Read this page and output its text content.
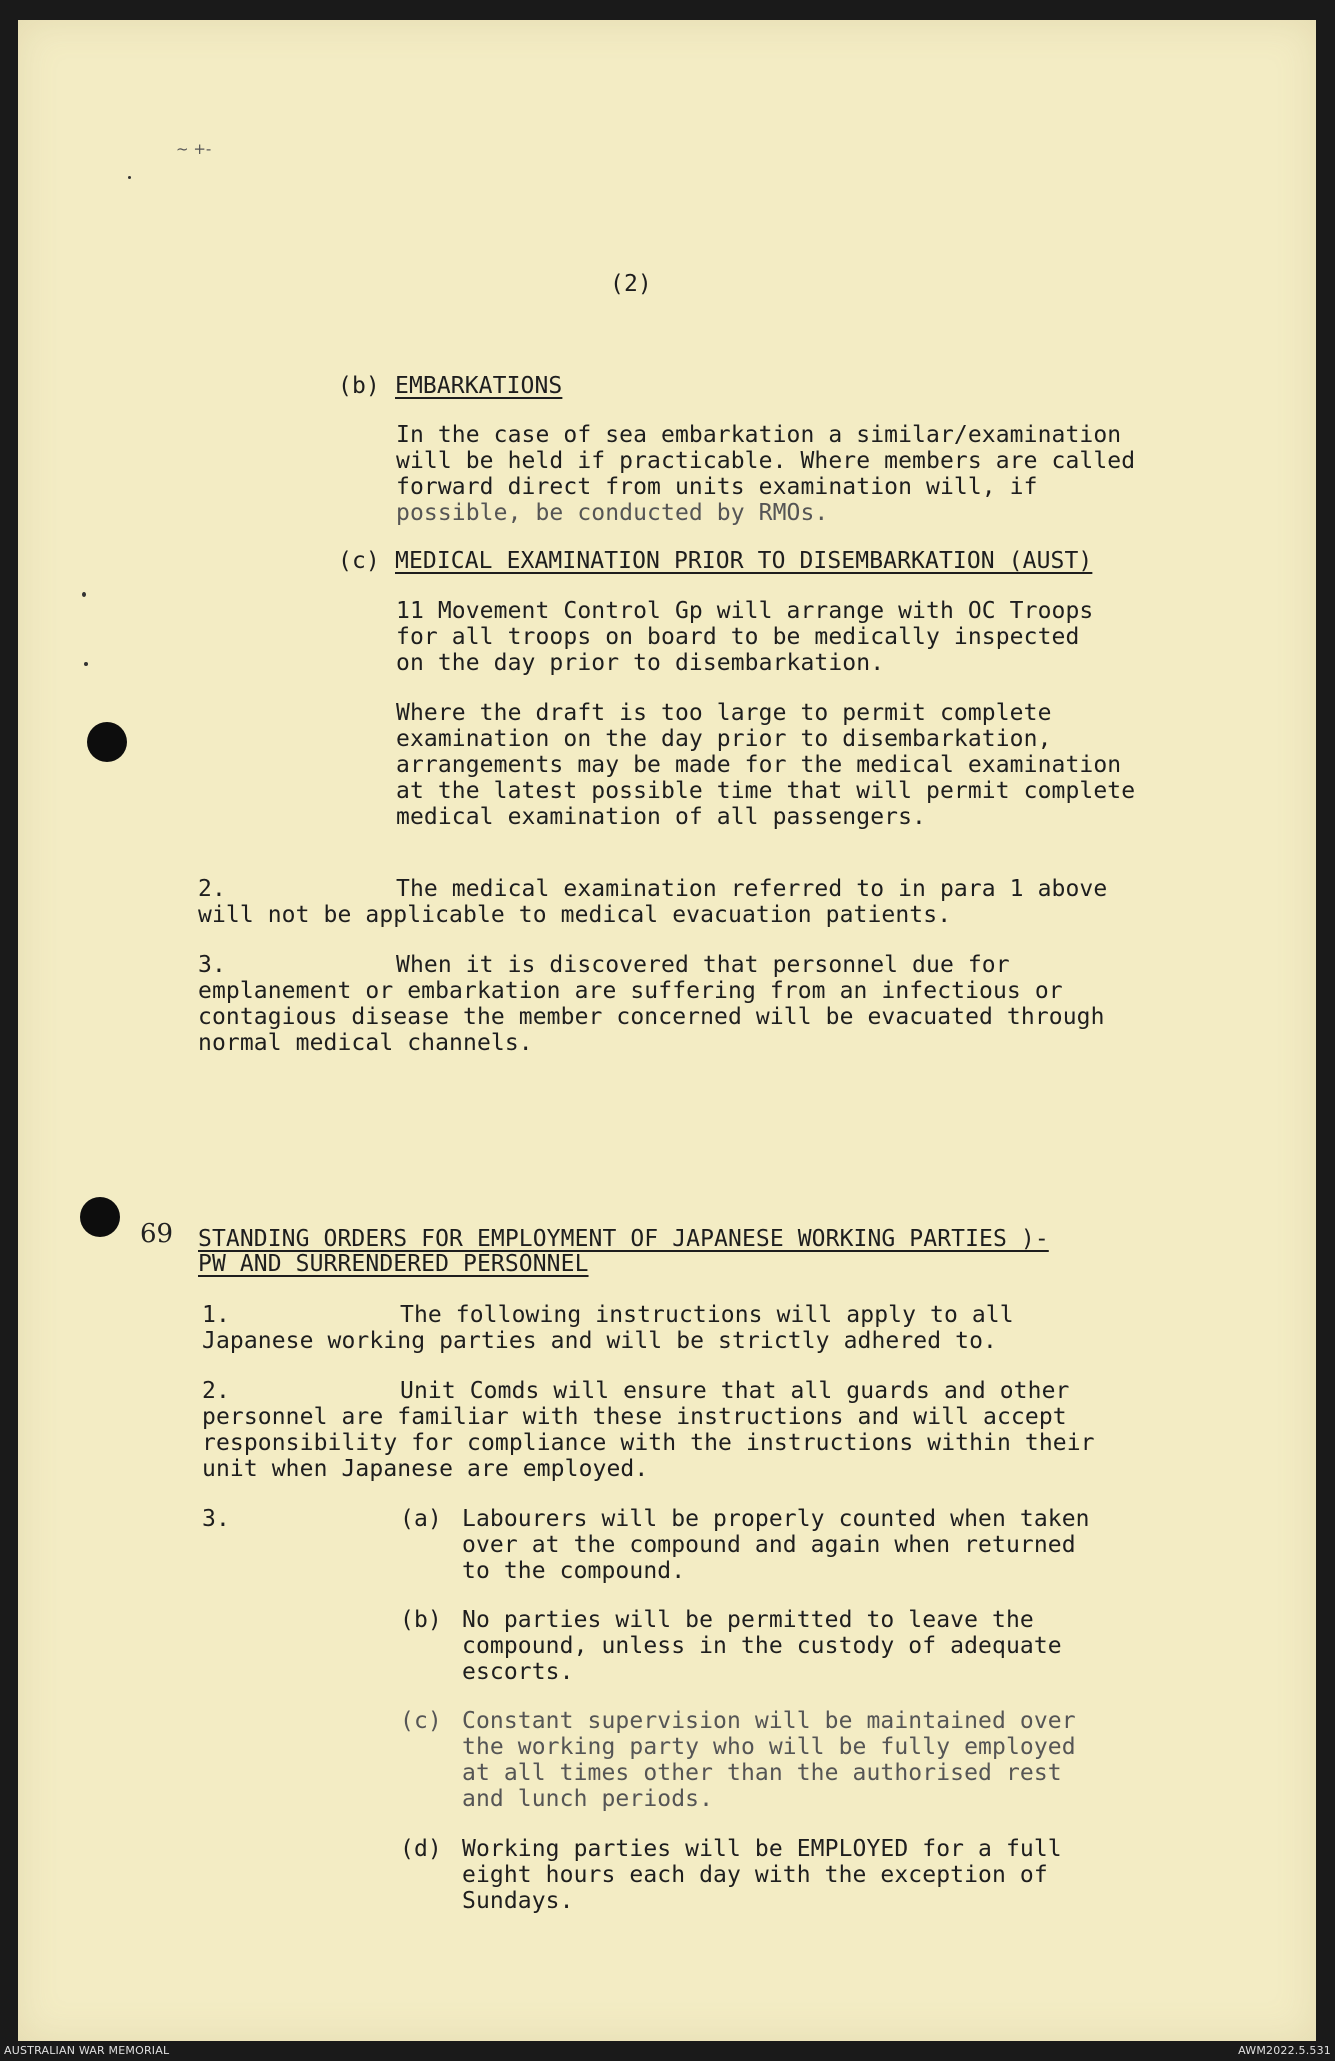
~ +-

(2)

(b) EMBARKATIONS

In the case of sea embarkation a similar/examination

will be held if practicable. Where members are called

forward direct from units examination will, if

possible, be conducted by RMOs.

(c) MEDICAL EXAMINATION PRIOR TO DISEMBARKATION (AUST)

11 Movement Control Gp will arrange with OC Troops

for all troops on board to be medically inspected

on the day prior to disembarkation.

Where the draft is too large to permit complete

examination on the day prior to disembarkation,

arrangements may be made for the medical examination

at the latest possible time that will permit complete

medical examination of all passengers.

2.	The medical examination referred to in para 1 above

will not be applicable to medical evacuation patients.

3.	When it is discovered that personnel due for

emplanement or embarkation are suffering from an infectious or

contagious disease the member concerned will be evacuated through

normal medical channels.

69 STANDING ORDERS FOR EMPLOYMENT OF JAPANESE WORKING PARTIES )-

PW AND SURRENDERED PERSONNEL

1.	The following instructions will apply to all

Japanese working parties and will be strictly adhered to.

2.	Unit Comds will ensure that all guards and other

personnel are familiar with these instructions and will accept

responsibility for compliance with the instructions within their

unit when Japanese are employed.

3.	(a) Labourers will be properly counted when taken

over at the compound and again when returned

to the compound.

(b) No parties will be permitted to leave the

compound, unless in the custody of adequate

escorts.

(c) Constant supervision will be maintained over

the working party who will be fully employed

at all times other than the authorised rest

and lunch periods.

(d) Working parties will be EMPLOYED for a full

eight hours each day with the exception of

Sundays.

AUSTRALIAN WAR MEMORIAL	AWM2022.5.531
